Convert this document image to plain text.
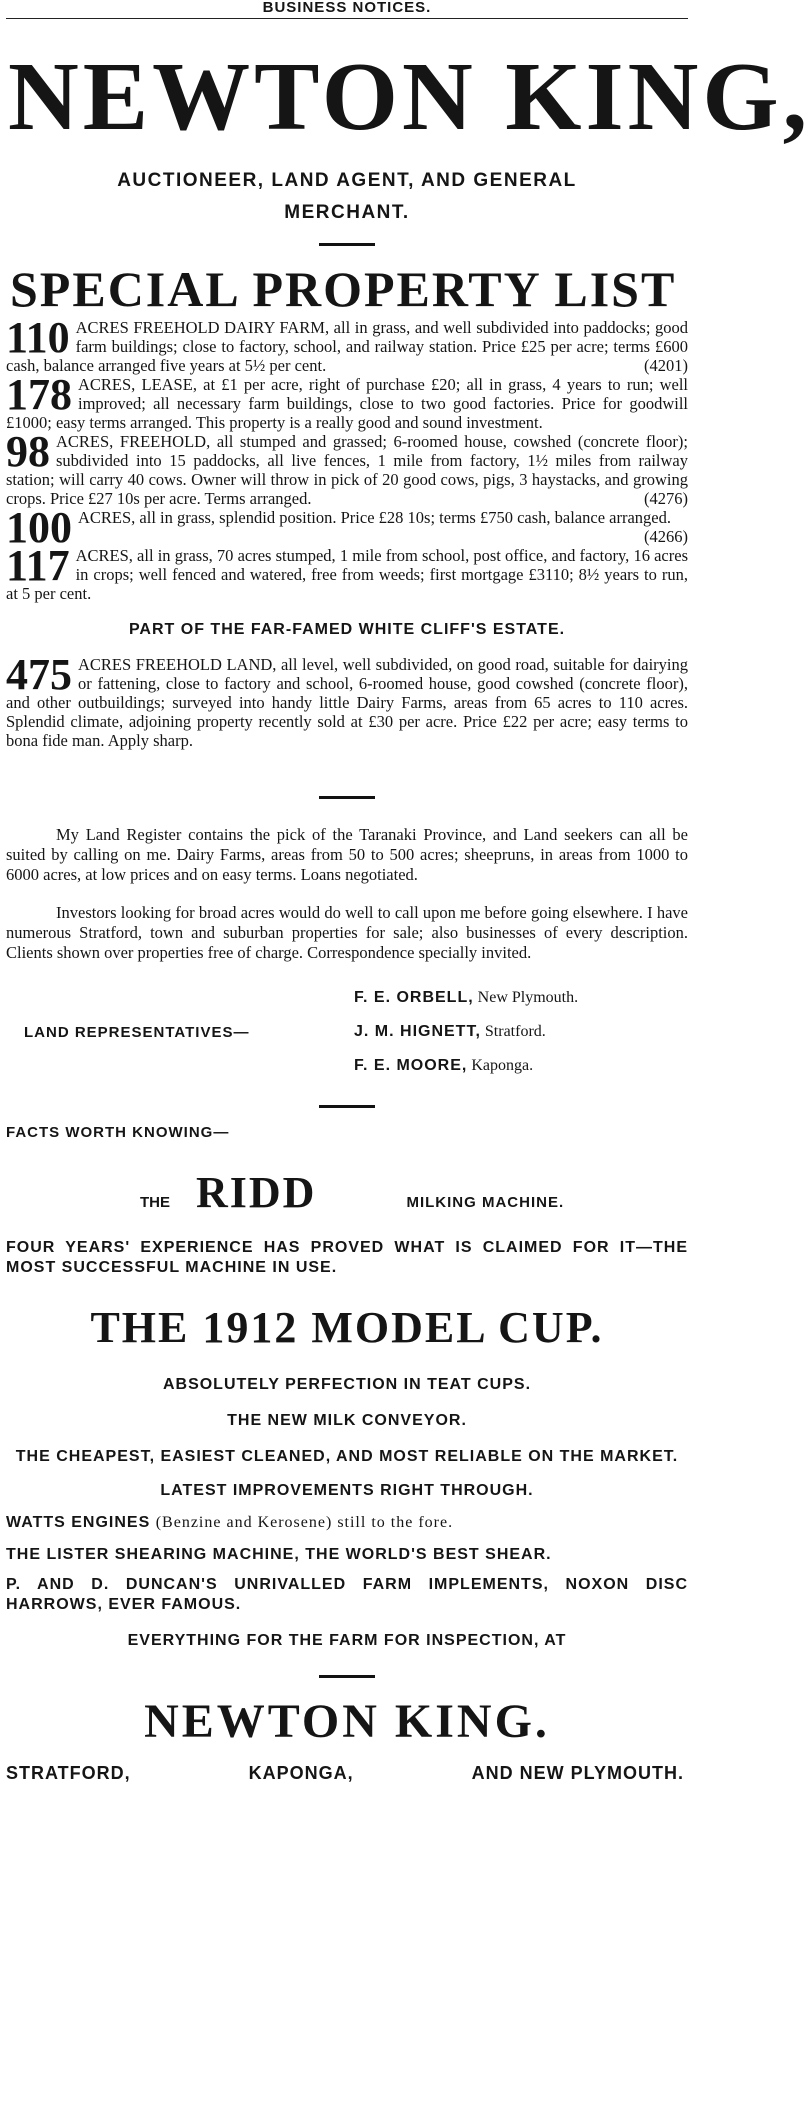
BUSINESS NOTICES.
NEWTON KING,
AUCTIONEER, LAND AGENT, AND GENERAL
MERCHANT.
SPECIAL PROPERTY LIST

110 ACRES FREEHOLD DAIRY FARM, all in grass, and well subdivided into paddocks; good farm buildings; close to factory, school, and railway station. Price £25 per acre; terms £600 cash, balance arranged five years at 5½ per cent.	(4201)

178 ACRES, LEASE, at £1 per acre, right of purchase £20; all in grass, 4 years to run; well improved; all necessary farm buildings, close to two good factories. Price for goodwill £1000; easy terms arranged. This property is a really good and sound investment.

98 ACRES, FREEHOLD, all stumped and grassed; 6-roomed house, cowshed (concrete floor); subdivided into 15 paddocks, all live fences, 1 mile from factory, 1½ miles from railway station; will carry 40 cows. Owner will throw in pick of 20 good cows, pigs, 3 haystacks, and growing crops. Price £27 10s per acre. Terms arranged.	(4276)

100 ACRES, all in grass, splendid position. Price £28 10s; terms £750 cash, balance arranged.
(4266)

117 ACRES, all in grass, 70 acres stumped, 1 mile from school, post office, and factory, 16 acres in crops; well fenced and watered, free from weeds; first mortgage £3110; 8½ years to run, at 5 per cent.

PART OF THE FAR-FAMED WHITE CLIFF'S ESTATE.

475 ACRES FREEHOLD LAND, all level, well subdivided, on good road, suitable for dairying or fattening, close to factory and school, 6-roomed house, good cowshed (concrete floor), and other outbuildings; surveyed into handy little Dairy Farms, areas from 65 acres to 110 acres. Splendid climate, adjoining property recently sold at £30 per acre. Price £22 per acre; easy terms to bona fide man. Apply sharp.

My Land Register contains the pick of the Taranaki Province, and Land seekers can all be suited by calling on me. Dairy Farms, areas from 50 to 500 acres; sheepruns, in areas from 1000 to 6000 acres, at low prices and on easy terms. Loans negotiated.

Investors looking for broad acres would do well to call upon me before going elsewhere. I have numerous Stratford, town and suburban properties for sale; also businesses of every description. Clients shown over properties free of charge. Correspondence specially invited.

LAND REPRESENTATIVES—
F. E. ORBELL, New Plymouth.
J. M. HIGNETT, Stratford.
F. E. MOORE, Kaponga.
FACTS WORTH KNOWING—
THE RIDD	MILKING MACHINE.
FOUR YEARS' EXPERIENCE HAS PROVED WHAT IS CLAIMED FOR IT—THE MOST SUCCESSFUL MACHINE IN USE.
THE 1912 MODEL CUP.
ABSOLUTELY PERFECTION IN TEAT CUPS.
THE NEW MILK CONVEYOR.
THE CHEAPEST, EASIEST CLEANED, AND MOST RELIABLE ON THE MARKET.
LATEST IMPROVEMENTS RIGHT THROUGH.
WATTS ENGINES (Benzine and Kerosene) still to the fore.
THE LISTER SHEARING MACHINE, THE WORLD'S BEST SHEAR.
P. AND D. DUNCAN'S UNRIVALLED FARM IMPLEMENTS, NOXON DISC HARROWS, EVER FAMOUS.
EVERYTHING FOR THE FARM FOR INSPECTION, AT
NEWTON KING.
STRATFORD,	KAPONGA,	AND NEW PLYMOUTH.
